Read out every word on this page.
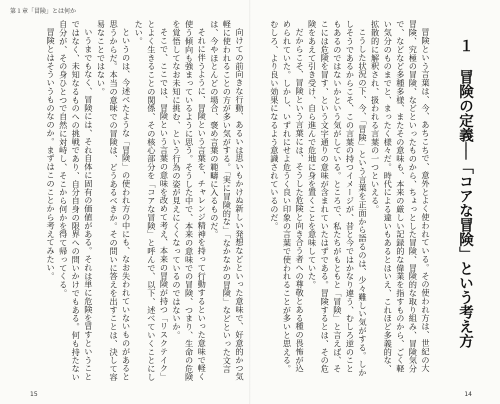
第１章「冒険」とは何か
１ 冒険の定義──「コアな冒険」という考え方

冒険という言葉は、今、あちこちで、意外とよく使われている。その使われ方は、世紀の大冒険、究極の冒険、などといったものから、ちょっとした冒険、冒険的な取り組み、冒険気分で、などなど多種多様、またその意味も、本来の厳しい記録的な偉業を指すものから、ごく軽い気分のものまでと、まったく様々だ。時代による違いもあるとはいえ、これほど多義的な、拡散的に解釈され、扱われる言葉の一つといえる。

こうした状況の下、今、「冒険」という言葉を正面から語るのは、少々難しい気がする。しかしそうであるからこそ、この言葉の持つイメージが、昔と今ではかなり違う、むしろ逆のこともあるのではないかという気がしている。ところで、私たちがもともと「冒険」と言えば、そこには危険を冒す、という文字通りの意味が含まれていたはずである。冒険するとは、その危険をあえて引き受け、自ら進んで危地に身を置くことを意味していた。

だからこそ、冒険という言葉には、そうした危険と向き合う者への尊敬とある種の畏怖が込められていた。しかし、いずれにせよ危うく良い印象の言葉で使われることが多いと思える。むしろ、より良い効果になるよう意識されているのだ。

向けての前向きな行動、あるいは思いもかけぬ新しい発想などといった意味で、好意的かつ気軽に使われることの方が多い気がする。「実に冒険的な」「なかなかの冒険」などといった文言は、今やほとんどの場合、褒め言葉の範疇に入るものだ。

それに伴うように、冒険という言葉を、チャレンジ精神を持って行動するといった意味で軽く使う傾向も強まっているように思う。そうした中で、本来の意味での冒険、つまり、生命の危険を覚悟してなお未知に挑む、という行為の姿が見えにくくなっているのではないか。

そこで、ここでは、冒険という言葉の意味を改めて考え、本来の冒険が持つ「リスクテイク」とよく生きることの関係、その核心部分を「コアな冒険」と呼んで、以下、述べていくことにしたい。

というのは、今述べたような「冒険」の使われ方の中にも、なお失われていないものがあると思うからだ。本当の意味での冒険は、どうあるべきか。その問いに答えを出すことは、決して容易なことではない。

いうまでもなく、冒険には、それ自体に固有の価値がある。それは単に危険を冒すということではなく、未知なるものへの挑戦であり、自分自身の限界への問いかけでもある。何も持たない自分が、その身ひとつで自然に対峙し、そこから何かを得て帰ってくる。

冒険とはそういうものなのか。まずはこのことから考えてみたい。

15	14
